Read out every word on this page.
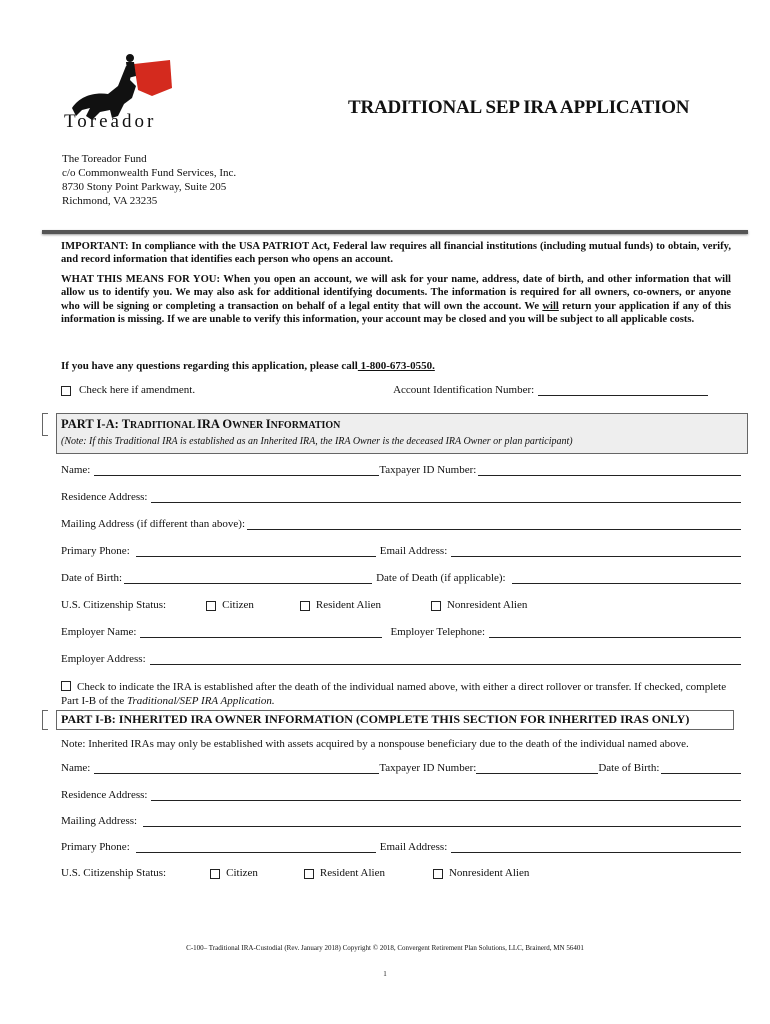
Toreador
TRADITIONAL SEP IRA APPLICATION
The Toreador Fund
c/o Commonwealth Fund Services, Inc.
8730 Stony Point Parkway, Suite 205
Richmond, VA 23235

IMPORTANT: In compliance with the USA PATRIOT Act, Federal law requires all financial institutions (including mutual funds) to obtain, verify, and record information that identifies each person who opens an account.

WHAT THIS MEANS FOR YOU: When you open an account, we will ask for your name, address, date of birth, and other information that will allow us to identify you. We may also ask for additional identifying documents. The information is required for all owners, co-owners, or anyone who will be signing or completing a transaction on behalf of a legal entity that will own the account. We will return your application if any of this information is missing. If we are unable to verify this information, your account may be closed and you will be subject to all applicable costs.

If you have any questions regarding this application, please call 1-800-673-0550.
Check here if amendment.	Account Identification Number:
PART I-A: TRADITIONAL IRA OWNER INFORMATION
(Note: If this Traditional IRA is established as an Inherited IRA, the IRA Owner is the deceased IRA Owner or plan participant)
Name:	Taxpayer ID Number:
Residence Address:
Mailing Address (if different than above):
Primary Phone:	Email Address:
Date of Birth:	Date of Death (if applicable):
U.S. Citizenship Status:	Citizen	Resident Alien	Nonresident Alien
Employer Name:	Employer Telephone:
Employer Address:
Check to indicate the IRA is established after the death of the individual named above, with either a direct rollover or transfer. If checked, complete
Part I-B of the Traditional/SEP IRA Application.
PART I-B: INHERITED IRA OWNER INFORMATION (COMPLETE THIS SECTION FOR INHERITED IRAS ONLY)
Note: Inherited IRAs may only be established with assets acquired by a nonspouse beneficiary due to the death of the individual named above.
Name:	Taxpayer ID Number:	Date of Birth:
Residence Address:
Mailing Address:
Primary Phone:	Email Address:
U.S. Citizenship Status:	Citizen	Resident Alien	Nonresident Alien
C-100– Traditional IRA-Custodial (Rev. January 2018) Copyright © 2018, Convergent Retirement Plan Solutions, LLC, Brainerd, MN 56401
1
